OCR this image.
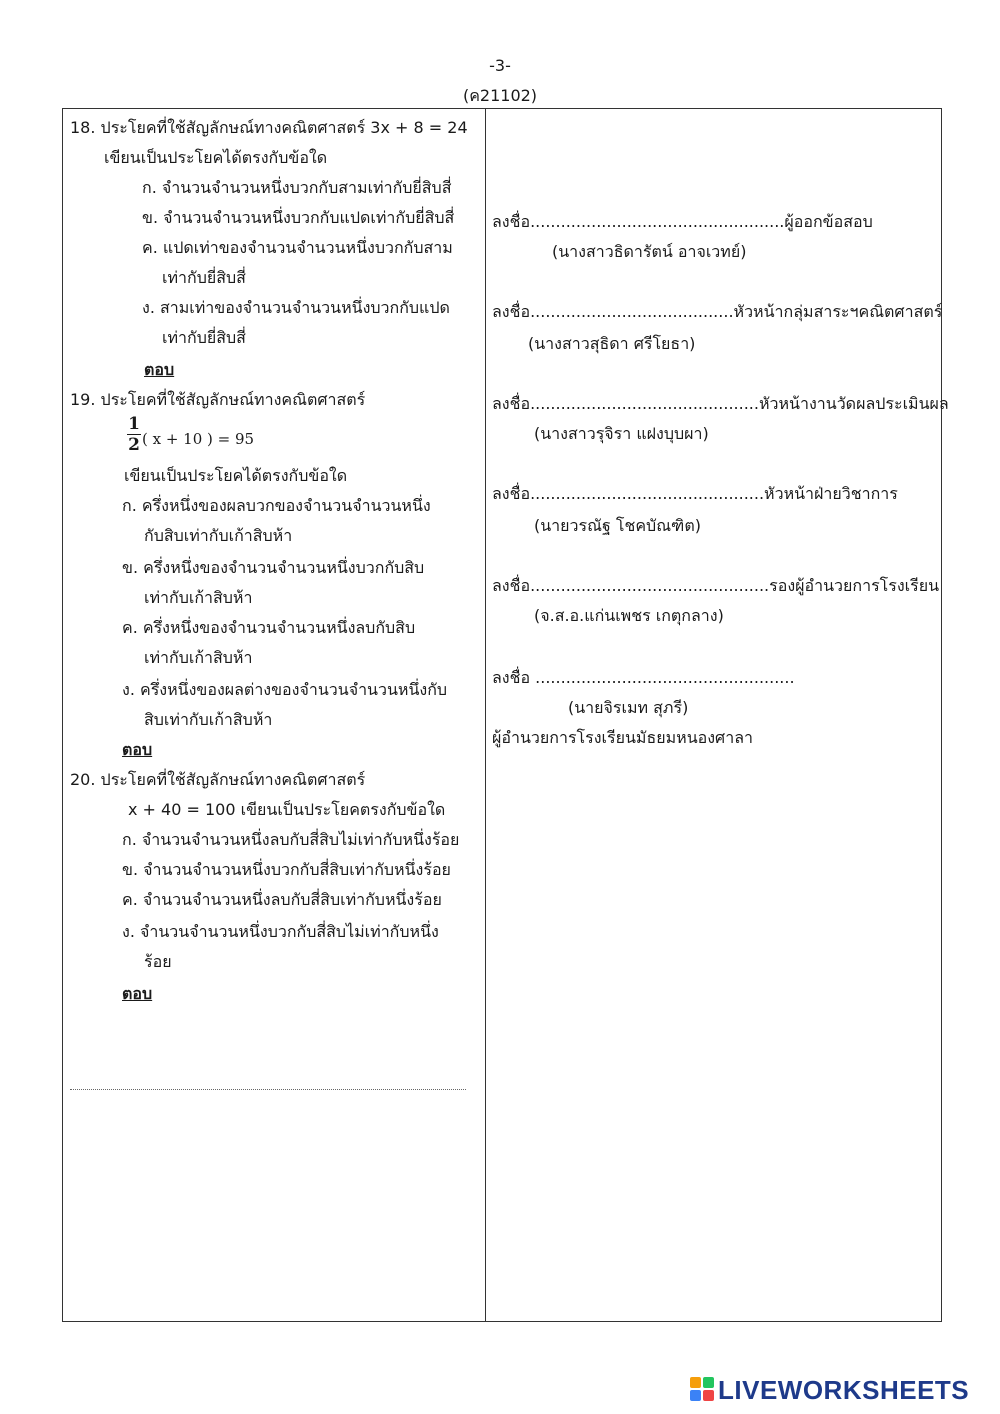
-3-
(ค21102)
18. ประโยคที่ใช้สัญลักษณ์ทางคณิตศาสตร์ 3x + 8 = 24
เขียนเป็นประโยคได้ตรงกับข้อใด
ก. จำนวนจำนวนหนึ่งบวกกับสามเท่ากับยี่สิบสี่
ข. จำนวนจำนวนหนึ่งบวกกับแปดเท่ากับยี่สิบสี่
ค. แปดเท่าของจำนวนจำนวนหนึ่งบวกกับสาม
เท่ากับยี่สิบสี่
ง. สามเท่าของจำนวนจำนวนหนึ่งบวกกับแปด
เท่ากับยี่สิบสี่
ตอบ
19. ประโยคที่ใช้สัญลักษณ์ทางคณิตศาสตร์
1
2 ( x + 10 ) = 95
เขียนเป็นประโยคได้ตรงกับข้อใด
ก. ครึ่งหนึ่งของผลบวกของจำนวนจำนวนหนึ่ง
กับสิบเท่ากับเก้าสิบห้า
ข. ครึ่งหนึ่งของจำนวนจำนวนหนึ่งบวกกับสิบ
เท่ากับเก้าสิบห้า
ค. ครึ่งหนึ่งของจำนวนจำนวนหนึ่งลบกับสิบ
เท่ากับเก้าสิบห้า
ง. ครึ่งหนึ่งของผลต่างของจำนวนจำนวนหนึ่งกับ
สิบเท่ากับเก้าสิบห้า
ตอบ
20. ประโยคที่ใช้สัญลักษณ์ทางคณิตศาสตร์
x + 40 = 100 เขียนเป็นประโยคตรงกับข้อใด
ก. จำนวนจำนวนหนึ่งลบกับสี่สิบไม่เท่ากับหนึ่งร้อย
ข. จำนวนจำนวนหนึ่งบวกกับสี่สิบเท่ากับหนึ่งร้อย
ค. จำนวนจำนวนหนึ่งลบกับสี่สิบเท่ากับหนึ่งร้อย
ง. จำนวนจำนวนหนึ่งบวกกับสี่สิบไม่เท่ากับหนึ่ง
ร้อย
ตอบ
ลงชื่อ..................................................ผู้ออกข้อสอบ
(นางสาวธิดารัตน์ อาจเวทย์)
ลงชื่อ........................................หัวหน้ากลุ่มสาระฯคณิตศาสตร์
(นางสาวสุธิดา ศรีโยธา)
ลงชื่อ.............................................หัวหน้างานวัดผลประเมินผล
(นางสาวรุจิรา แฝงบุบผา)
ลงชื่อ..............................................หัวหน้าฝ่ายวิชาการ
(นายวรณัฐ โชคบัณฑิต)
ลงชื่อ...............................................รองผู้อำนวยการโรงเรียน
(จ.ส.อ.แก่นเพชร เกตุกลาง)
ลงชื่อ ...................................................
(นายจิรเมท สุภรี)
ผู้อำนวยการโรงเรียนมัธยมหนองศาลา
LIVEWORKSHEETS
